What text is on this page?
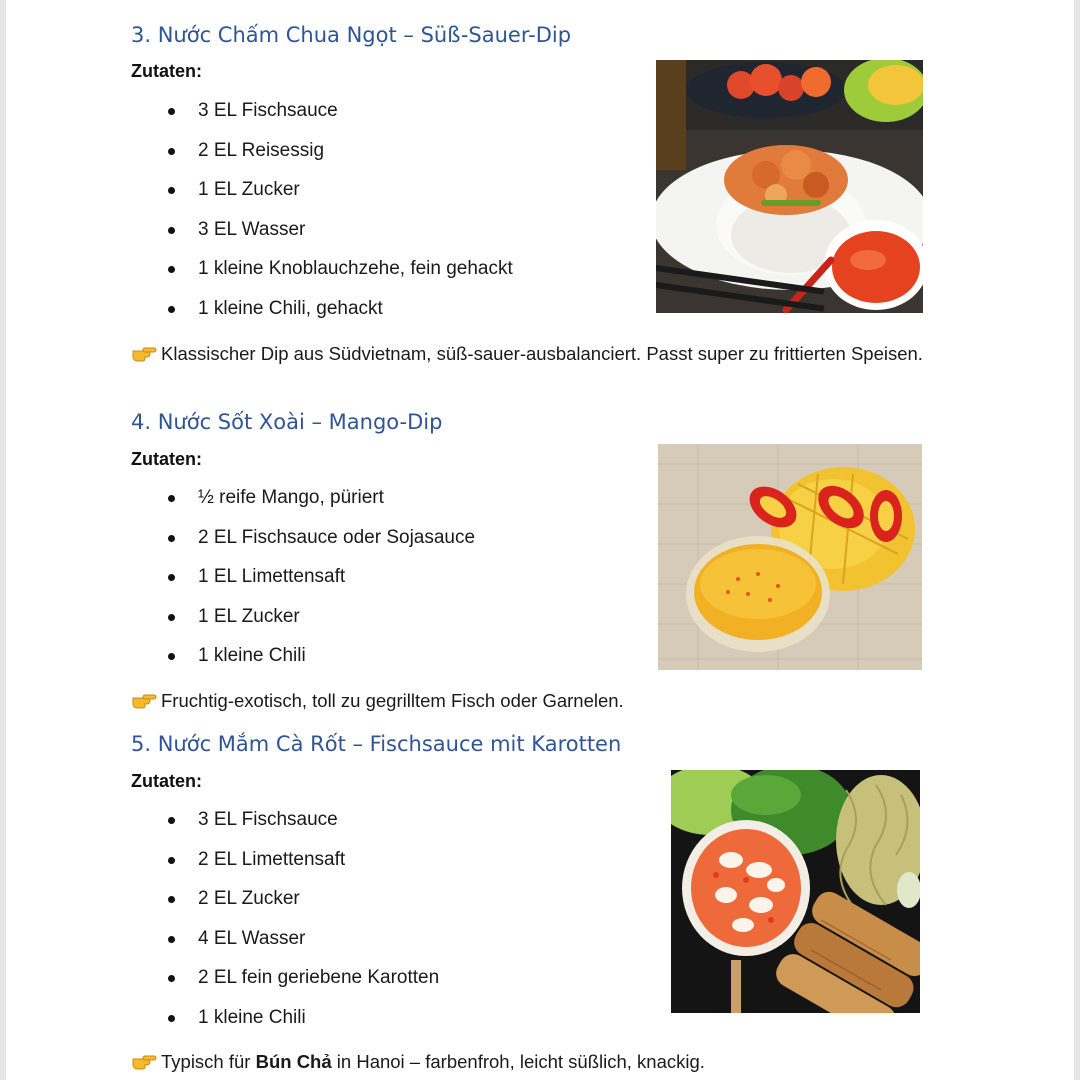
3. Nước Chấm Chua Ngọt – Süß-Sauer-Dip
Zutaten:
3 EL Fischsauce
2 EL Reisessig
1 EL Zucker
3 EL Wasser
1 kleine Knoblauchzehe, fein gehackt
1 kleine Chili, gehackt
Klassischer Dip aus Südvietnam, süß-sauer-ausbalanciert. Passt super zu frittierten Speisen.
4. Nước Sốt Xoài – Mango-Dip
Zutaten:
½ reife Mango, püriert
2 EL Fischsauce oder Sojasauce
1 EL Limettensaft
1 EL Zucker
1 kleine Chili
Fruchtig-exotisch, toll zu gegrilltem Fisch oder Garnelen.
5. Nước Mắm Cà Rốt – Fischsauce mit Karotten
Zutaten:
3 EL Fischsauce
2 EL Limettensaft
2 EL Zucker
4 EL Wasser
2 EL fein geriebene Karotten
1 kleine Chili
Typisch für Bún Chả in Hanoi – farbenfroh, leicht süßlich, knackig.
